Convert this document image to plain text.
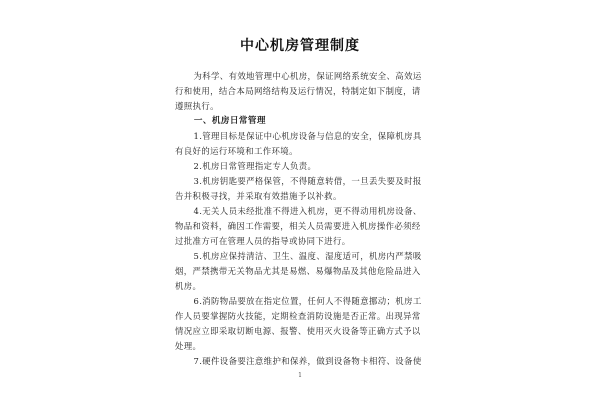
中心机房管理制度

为科学、有效地管理中心机房，保证网络系统安全、高效运

行和使用，结合本局网络结构及运行情况，特制定如下制度，请

遵照执行。

一、机房日常管理

1.管理目标是保证中心机房设备与信息的安全，保障机房具

有良好的运行环境和工作环境。

2.机房日常管理指定专人负责。

3.机房钥匙要严格保管，不得随意转借，一旦丢失要及时报

告并积极寻找，并采取有效措施予以补救。

4.无关人员未经批准不得进入机房，更不得动用机房设备、

物品和资料，确因工作需要，相关人员需要进入机房操作必须经

过批准方可在管理人员的指导或协同下进行。

5.机房应保持清洁、卫生、温度、湿度适可，机房内严禁吸

烟，严禁携带无关物品尤其是易燃、易爆物品及其他危险品进入

机房。

6.消防物品要放在指定位置，任何人不得随意挪动；机房工

作人员要掌握防火技能，定期检查消防设施是否正常。出现异常

情况应立即采取切断电源、报警、使用灭火设备等正确方式予以

处理。

7.硬件设备要注意维护和保养，做到设备物卡相符、设备使

1
